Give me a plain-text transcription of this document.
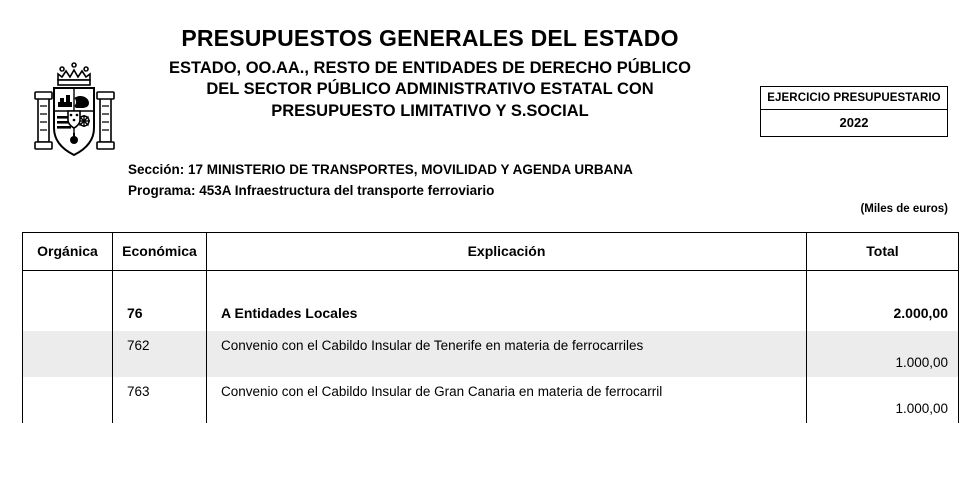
PRESUPUESTOS GENERALES DEL ESTADO
ESTADO, OO.AA., RESTO DE ENTIDADES DE DERECHO PÚBLICO
DEL SECTOR PÚBLICO ADMINISTRATIVO ESTATAL CON
PRESUPUESTO LIMITATIVO Y S.SOCIAL
EJERCICIO PRESUPUESTARIO
2022
Sección: 17 MINISTERIO DE TRANSPORTES, MOVILIDAD Y AGENDA URBANA
Programa: 453A Infraestructura del transporte ferroviario
(Miles de euros)
Orgánica	Económica	Explicación	Total

	76	A Entidades Locales	2.000,00

	762	Convenio con el Cabildo Insular de Tenerife en materia de ferrocarriles	1.000,00

	763	Convenio con el Cabildo Insular de Gran Canaria en materia de ferrocarril	1.000,00
